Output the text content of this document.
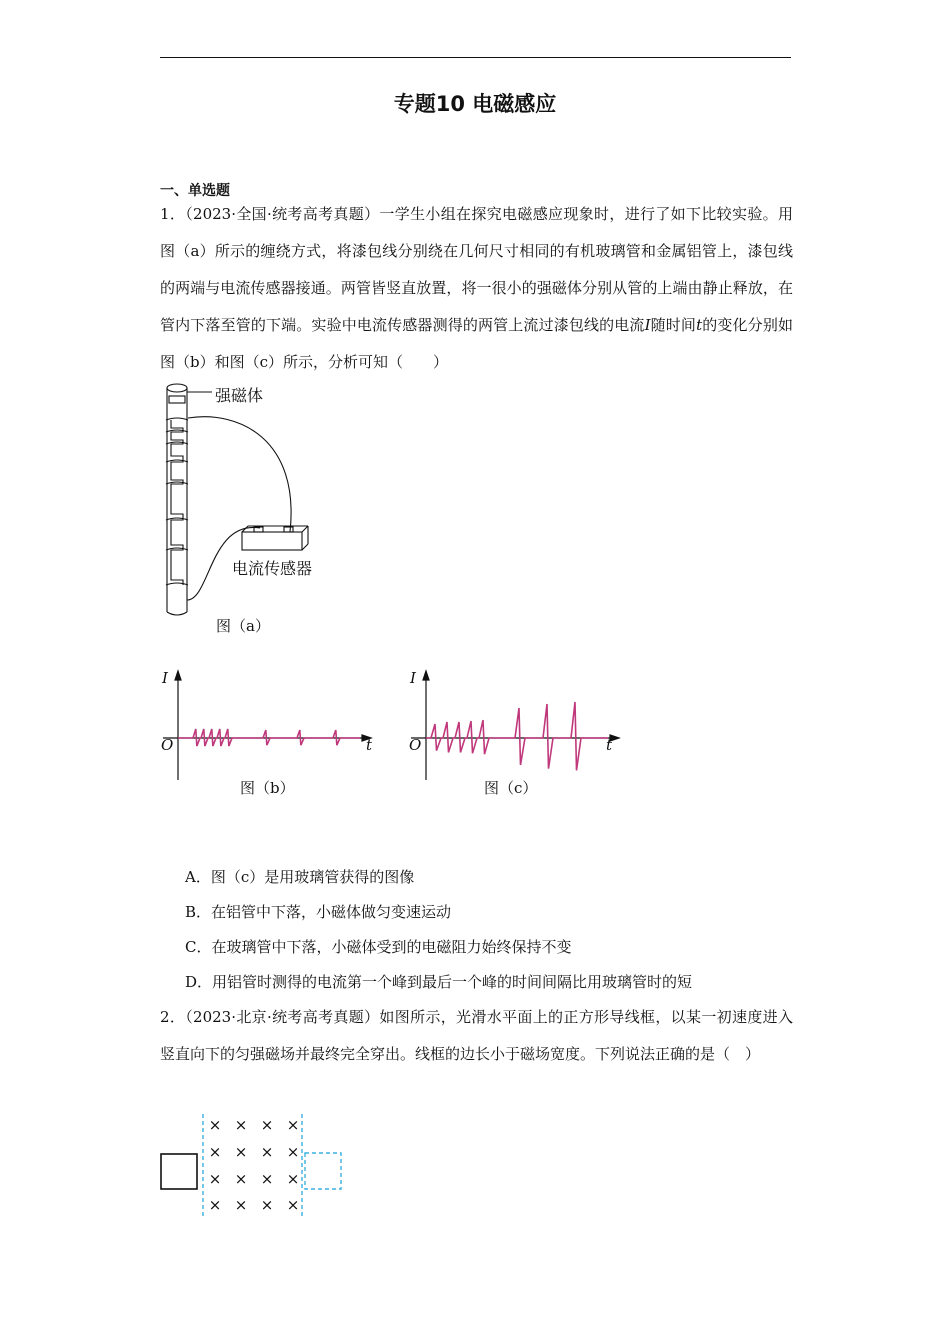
专题10 电磁感应
一、单选题
1．（2023·全国·统考高考真题）一学生小组在探究电磁感应现象时，进行了如下比较实验。用图（a）所示的缠绕方式，将漆包线分别绕在几何尺寸相同的有机玻璃管和金属铝管上，漆包线的两端与电流传感器接通。两管皆竖直放置，将一很小的强磁体分别从管的上端由静止释放，在管内下落至管的下端。实验中电流传感器测得的两管上流过漆包线的电流I随时间t的变化分别如图（b）和图（c）所示，分析可知（　　）
强磁体
电流传感器
图（a）
I
O	t
图（b）
I
O	t
图（c）
A．图（c）是用玻璃管获得的图像
B．在铝管中下落，小磁体做匀变速运动
C．在玻璃管中下落，小磁体受到的电磁阻力始终保持不变
D．用铝管时测得的电流第一个峰到最后一个峰的时间间隔比用玻璃管时的短
2．（2023·北京·统考高考真题）如图所示，光滑水平面上的正方形导线框，以某一初速度进入竖直向下的匀强磁场并最终完全穿出。线框的边长小于磁场宽度。下列说法正确的是（　）
× × × ×
× × × ×
× × × ×
× × × ×
